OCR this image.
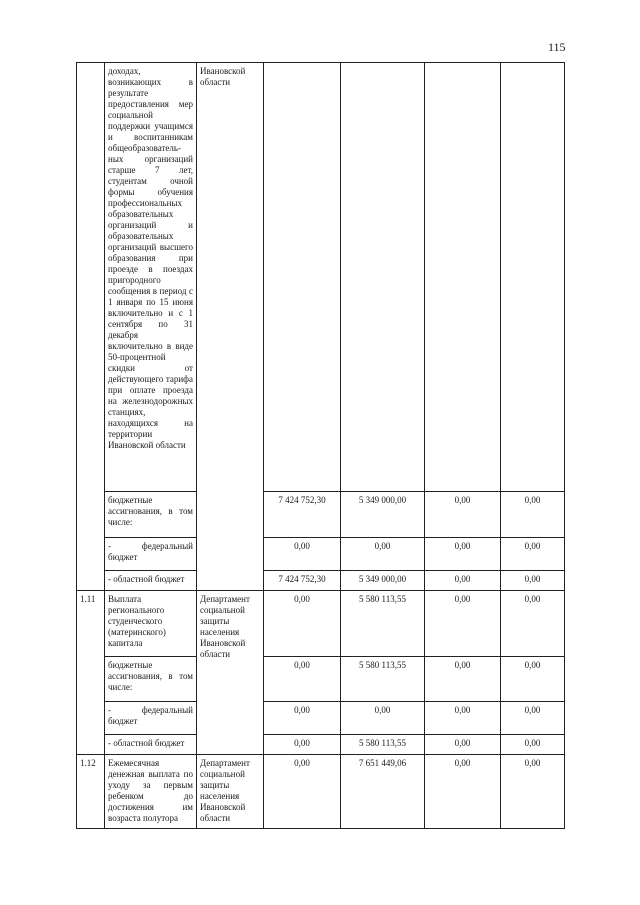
115
	доходах, возникающих в результате предоставления мер социальной поддержки учащимся и воспитанникам общеобразователь-ных организаций старше 7 лет, студентам очной формы обучения профессиональных образовательных организаций и образовательных организаций высшего образования при проезде в поездах пригородного сообщения в период с 1 января по 15 июня включительно и с 1 сентября по 31 декабря включительно в виде 50-процентной скидки от действующего тарифа при оплате проезда на железнодорожных станциях, находящихся на территории Ивановской области	Ивановской области				
	бюджетные ассигнования, в том числе:		7 424 752,30	5 349 000,00	0,00	0,00
	- федеральный бюджет		0,00	0,00	0,00	0,00
	- областной бюджет		7 424 752,30	5 349 000,00	0,00	0,00
1.11	Выплата регионального студенческого (материнского) капитала	Департамент социальной защиты населения Ивановской области	0,00	5 580 113,55	0,00	0,00
	бюджетные ассигнования, в том числе:		0,00	5 580 113,55	0,00	0,00
	- федеральный бюджет		0,00	0,00	0,00	0,00
	- областной бюджет		0,00	5 580 113,55	0,00	0,00
1.12	Ежемесячная денежная выплата по уходу за первым ребенком до достижения им возраста полутора	Департамент социальной защиты населения Ивановской области	0,00	7 651 449,06	0,00	0,00
